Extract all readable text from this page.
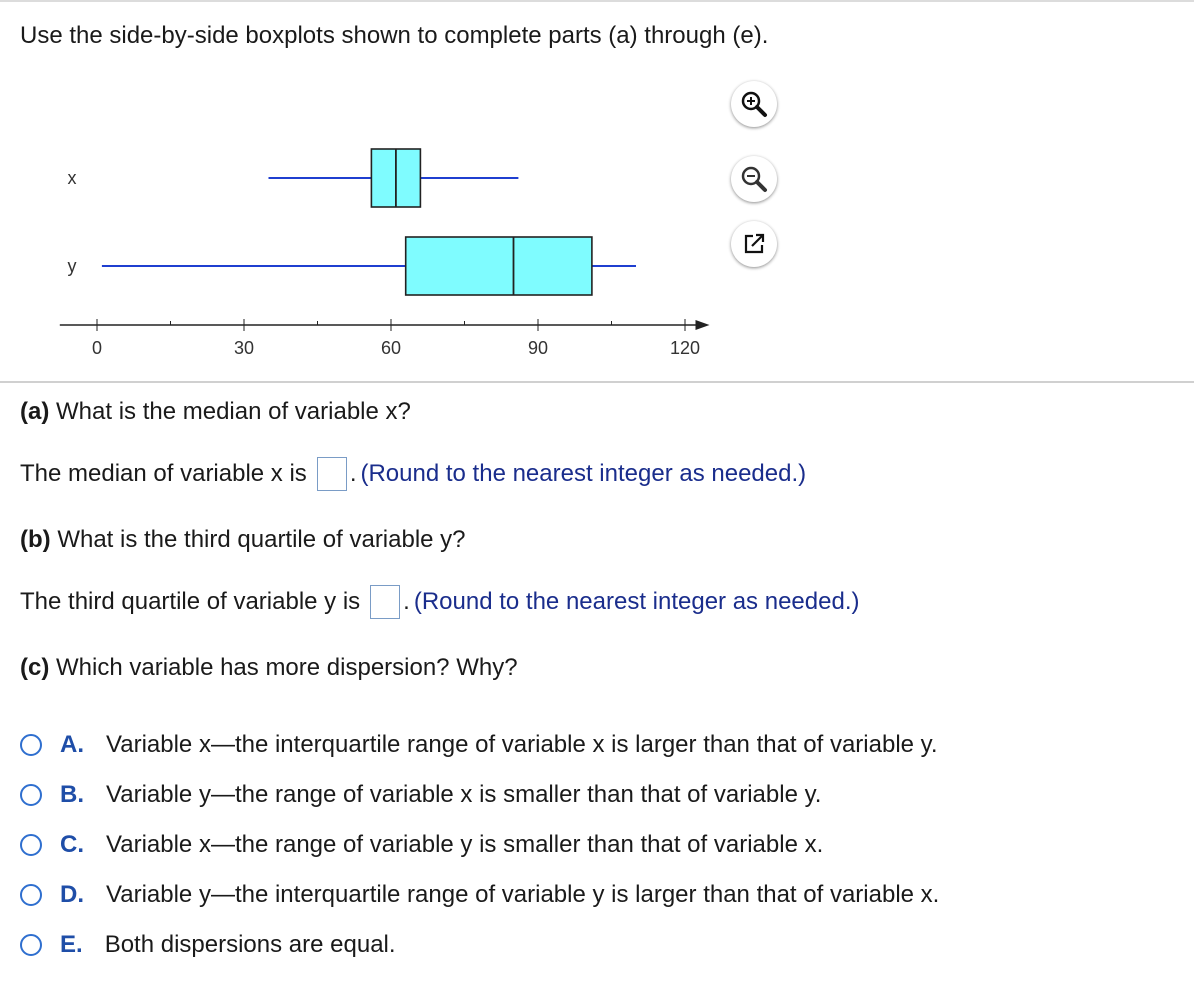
Use the side-by-side boxplots shown to complete parts (a) through (e).
0	30	60	90	120
x
y
(a) What is the median of variable x?
The median of variable x is . (Round to the nearest integer as needed.)
(b) What is the third quartile of variable y?
The third quartile of variable y is . (Round to the nearest integer as needed.)
(c) Which variable has more dispersion? Why?
A. Variable x—the interquartile range of variable x is larger than that of variable y.
B. Variable y—the range of variable x is smaller than that of variable y.
C. Variable x—the range of variable y is smaller than that of variable x.
D. Variable y—the interquartile range of variable y is larger than that of variable x.
E. Both dispersions are equal.
